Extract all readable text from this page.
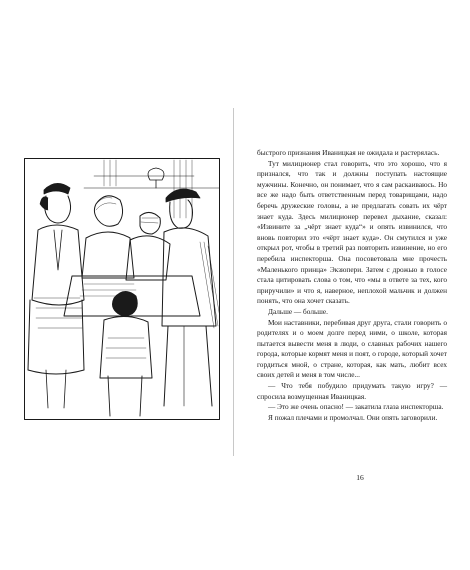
быстрого признания Иваницкая не ожидала и растерялась.

Тут милиционер стал говорить, что это хорошо, что я признался, что так и должны поступать настоящие мужчины. Конечно, он понимает, что я сам раскаиваюсь. Но все же надо быть ответственным перед товарищами, надо беречь дружеские головы, а не предлагать совать их чёрт знает куда. Здесь милиционер перевел дыхание, сказал: «Извините за „чёрт знает куда“» и опять извинился, что вновь повторил это «чёрт знает куда». Он смутился и уже открыл рот, чтобы в третий раз повторить извинение, но его перебила инспекторша. Она посоветовала мне прочесть «Маленького принца» Экзюпери. Затем с дрожью в голосе стала цитировать слова о том, что «мы в ответе за тех, кого приручили» и что я, наверное, неплохой мальчик и должен понять, что она хочет сказать.

Дальше — больше.

Мои наставники, перебивая друг друга, стали говорить о родителях и о моем долге перед ними, о школе, которая пытается вывести меня в люди, о славных рабочих нашего города, которые кормят меня и поят, о городе, который хочет гордиться мной, о стране, которая, как мать, любит всех своих детей и меня в том числе...

— Что тебя побудило придумать такую игру? — спросила возмущенная Иваницкая.

— Это же очень опасно! — закатила глаза инспекторша.

Я пожал плечами и промолчал. Они опять заговорили.

16
